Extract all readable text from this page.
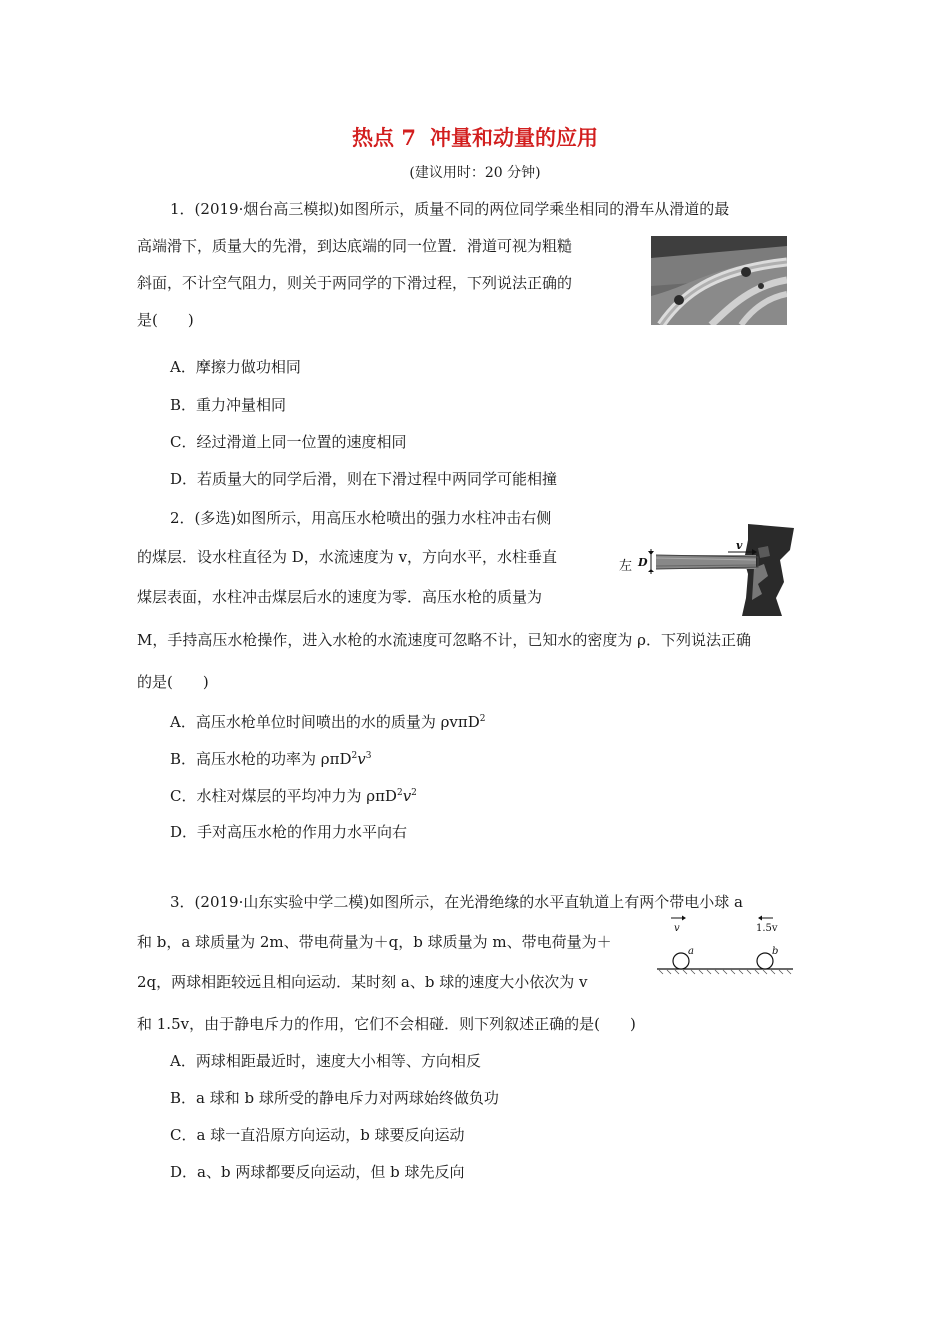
热点 7 冲量和动量的应用
(建议用时：20 分钟)
1．(2019·烟台高三模拟)如图所示，质量不同的两位同学乘坐相同的滑车从滑道的最
高端滑下，质量大的先滑，到达底端的同一位置．滑道可视为粗糙
斜面，不计空气阻力，则关于两同学的下滑过程，下列说法正确的
是(　　)
A．摩擦力做功相同
B．重力冲量相同
C．经过滑道上同一位置的速度相同
D．若质量大的同学后滑，则在下滑过程中两同学可能相撞
2．(多选)如图所示，用高压水枪喷出的强力水柱冲击右侧
的煤层．设水柱直径为 D，水流速度为 v，方向水平，水柱垂直
煤层表面，水柱冲击煤层后水的速度为零．高压水枪的质量为
M，手持高压水枪操作，进入水枪的水流速度可忽略不计，已知水的密度为 ρ．下列说法正确
的是(　　)
A．高压水枪单位时间喷出的水的质量为 ρvπD$^2$
B．高压水枪的功率为 $\rho\pi D^2v^3$
C．水柱对煤层的平均冲力为 $\rho\pi D^2v^2$
D．手对高压水枪的作用力水平向右
左 D
v
3．(2019·山东实验中学二模)如图所示，在光滑绝缘的水平直轨道上有两个带电小球 a
和 b，a 球质量为 2m、带电荷量为＋q，b 球质量为 m、带电荷量为＋
2q，两球相距较远且相向运动．某时刻 a、b 球的速度大小依次为 v
和 1.5v，由于静电斥力的作用，它们不会相碰．则下列叙述正确的是(　　)
A．两球相距最近时，速度大小相等、方向相反
B．a 球和 b 球所受的静电斥力对两球始终做负功
C．a 球一直沿原方向运动，b 球要反向运动
D．a、b 两球都要反向运动，但 b 球先反向
a	b
v	1.5v
